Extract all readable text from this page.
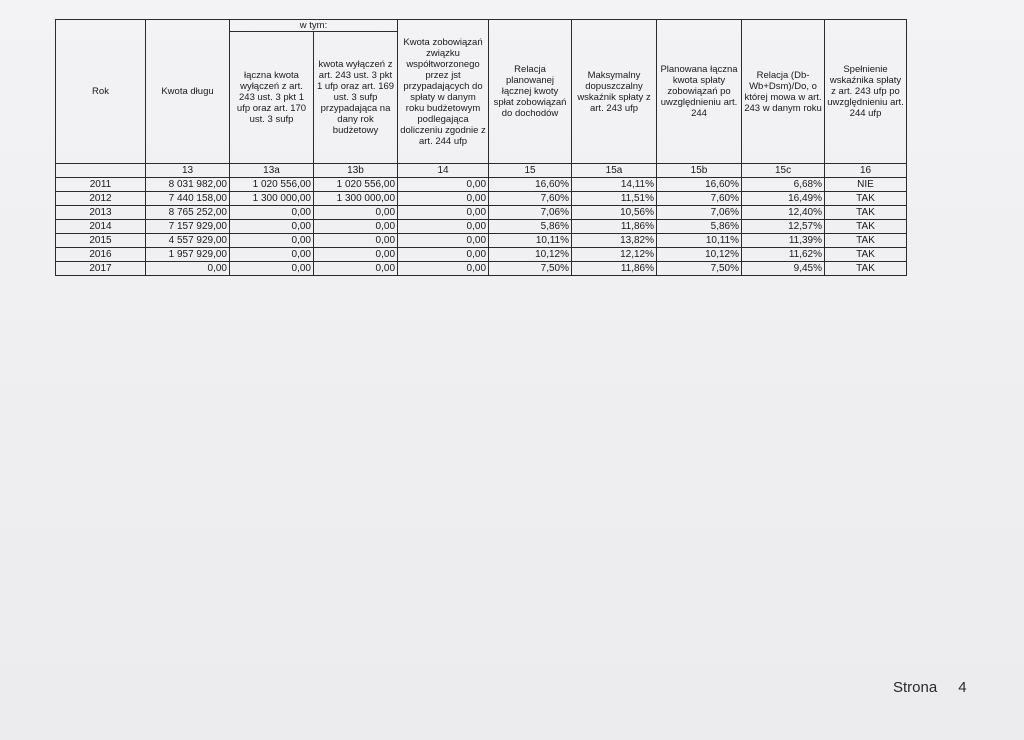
Rok	Kwota długu	w tym:		Kwota zobowiązań związku współtworzonego przez jst przypadających do spłaty w danym roku budżetowym podlegająca doliczeniu zgodnie z art. 244 ufp	Relacja planowanej łącznej kwoty spłat zobowiązań do dochodów	Maksymalny dopuszczalny wskaźnik spłaty z art. 243 ufp	Planowana łączna kwota spłaty zobowiązań po uwzględnieniu art. 244	Relacja (Db-Wb+Dsm)/Do, o której mowa w art. 243 w danym roku	Spełnienie wskaźnika spłaty z art. 243 ufp po uwzględnieniu art. 244 ufp
		łączna kwota wyłączeń z art. 243 ust. 3 pkt 1 ufp oraz art. 170 ust. 3 sufp	kwota wyłączeń z art. 243 ust. 3 pkt 1 ufp oraz art. 169 ust. 3 sufp przypadająca na dany rok budżetowy						
	13	13a	13b	14	15	15a	15b	15c	16
2011	8 031 982,00	1 020 556,00	1 020 556,00	0,00	16,60%	14,11%	16,60%	6,68%	NIE
2012	7 440 158,00	1 300 000,00	1 300 000,00	0,00	7,60%	11,51%	7,60%	16,49%	TAK
2013	8 765 252,00	0,00	0,00	0,00	7,06%	10,56%	7,06%	12,40%	TAK
2014	7 157 929,00	0,00	0,00	0,00	5,86%	11,86%	5,86%	12,57%	TAK
2015	4 557 929,00	0,00	0,00	0,00	10,11%	13,82%	10,11%	11,39%	TAK
2016	1 957 929,00	0,00	0,00	0,00	10,12%	12,12%	10,12%	11,62%	TAK
2017	0,00	0,00	0,00	0,00	7,50%	11,86%	7,50%	9,45%	TAK
Strona 4
